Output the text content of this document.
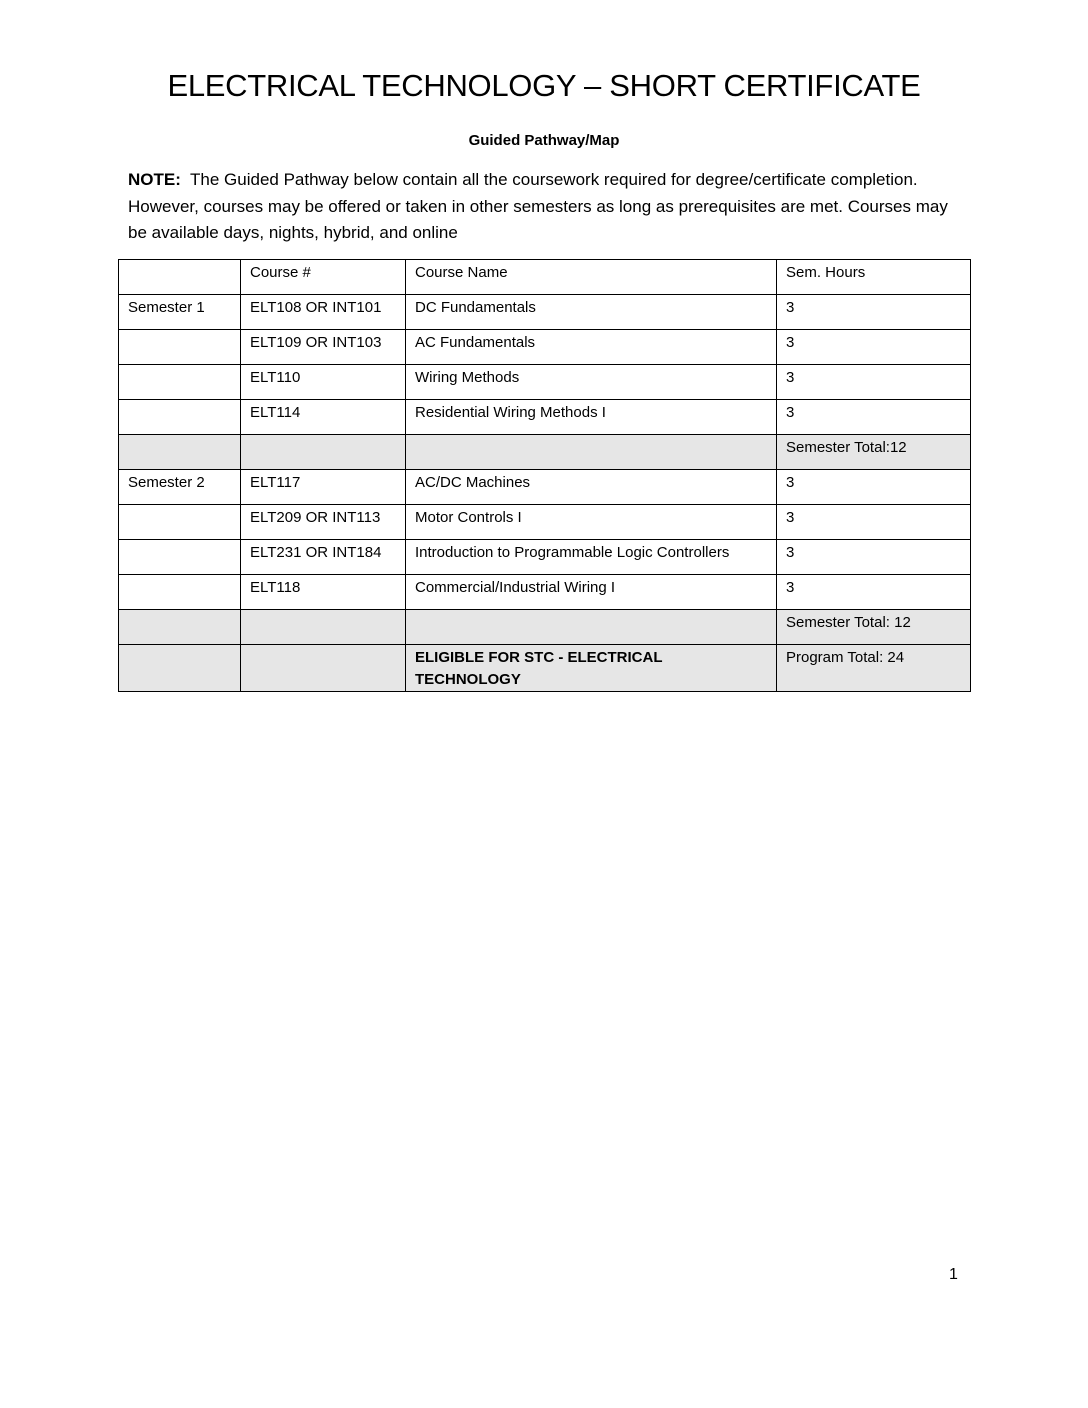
ELECTRICAL TECHNOLOGY – SHORT CERTIFICATE
Guided Pathway/Map
NOTE: The Guided Pathway below contain all the coursework required for degree/certificate completion. However, courses may be offered or taken in other semesters as long as prerequisites are met. Courses may be available days, nights, hybrid, and online
	Course #	Course Name	Sem. Hours
Semester 1	ELT108 OR INT101	DC Fundamentals	3
	ELT109 OR INT103	AC Fundamentals	3
	ELT110	Wiring Methods	3
	ELT114	Residential Wiring Methods I	3
			Semester Total:12
Semester 2	ELT117	AC/DC Machines	3
	ELT209 OR INT113	Motor Controls I	3
	ELT231 OR INT184	Introduction to Programmable Logic Controllers	3
	ELT118	Commercial/Industrial Wiring I	3
			Semester Total: 12
		ELIGIBLE FOR STC - ELECTRICAL TECHNOLOGY	Program Total: 24
1
